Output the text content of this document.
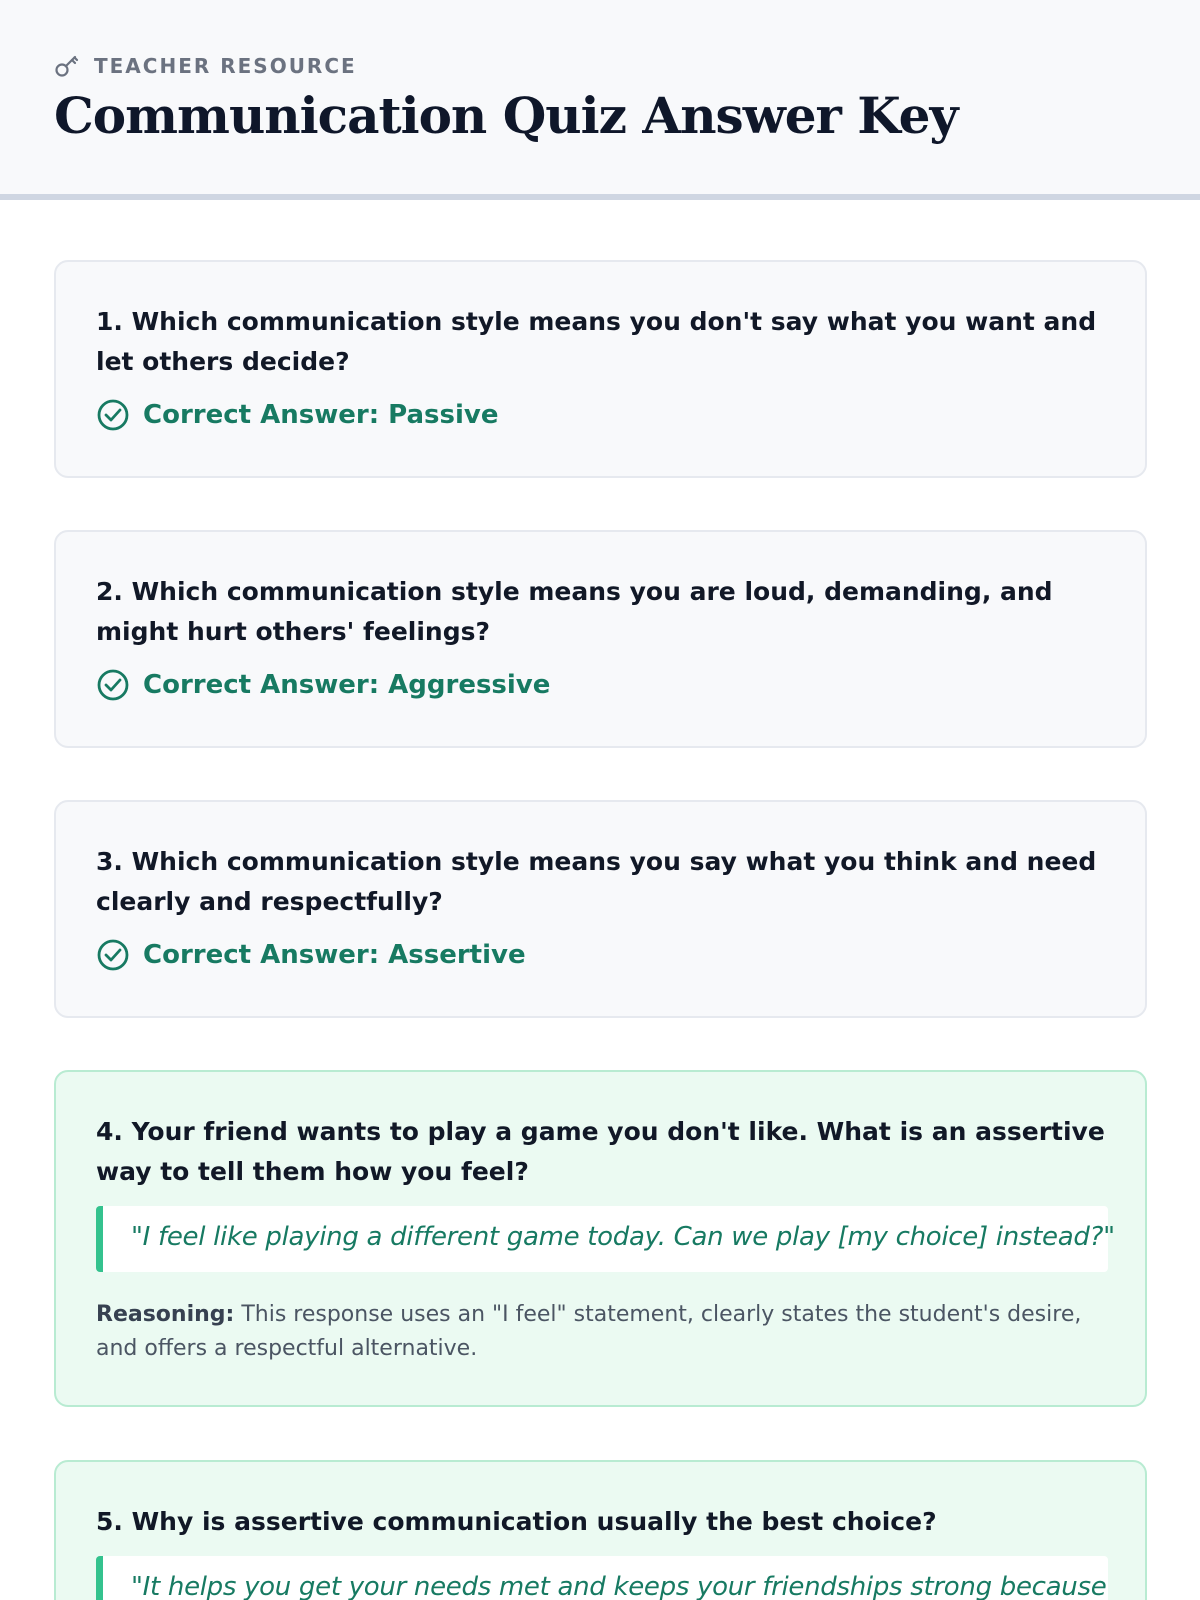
TEACHER RESOURCE
Communication Quiz Answer Key
1. Which communication style means you don't say what you want and let others decide?
Correct Answer: Passive
2. Which communication style means you are loud, demanding, and might hurt others' feelings?
Correct Answer: Aggressive
3. Which communication style means you say what you think and need clearly and respectfully?
Correct Answer: Assertive
4. Your friend wants to play a game you don't like. What is an assertive way to tell them how you feel?
"I feel like playing a different game today. Can we play [my choice] instead?"
Reasoning: This response uses an "I feel" statement, clearly states the student's desire, and offers a respectful alternative.
5. Why is assertive communication usually the best choice?
"It helps you get your needs met and keeps your friendships strong because
